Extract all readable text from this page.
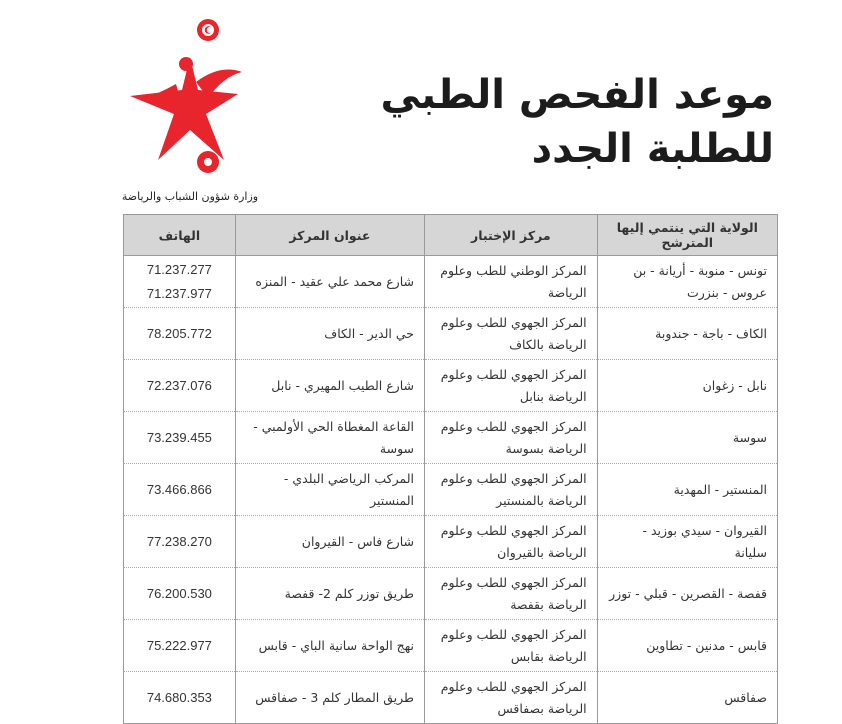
وزارة شؤون الشباب والرياضة
موعد الفحص الطبي
للطلبة الجدد
الولاية التي ينتمي إليها المترشح	مركز الإختبار	عنوان المركز	الهاتف
تونس - منوبة - أريانة - بن عروس - بنزرت	المركز الوطني للطب وعلوم الرياضة	شارع محمد علي عقيد - المنزه	71.237.277
71.237.977

الكاف - باجة - جندوبة	المركز الجهوي للطب وعلوم الرياضة بالكاف	حي الدير - الكاف	78.205.772

نابل - زغوان	المركز الجهوي للطب وعلوم الرياضة بنابل	شارع الطيب المهيري - نابل	72.237.076

سوسة	المركز الجهوي للطب وعلوم الرياضة بسوسة	القاعة المغطاة الحي الأولمبي - سوسة	73.239.455

المنستير - المهدية	المركز الجهوي للطب وعلوم الرياضة بالمنستير	المركب الرياضي البلدي - المنستير	73.466.866

القيروان - سيدي بوزيد - سليانة	المركز الجهوي للطب وعلوم الرياضة بالقيروان	شارع فاس - القيروان	77.238.270

قفصة - القصرين - قبلي - توزر	المركز الجهوي للطب وعلوم الرياضة بقفصة	طريق توزر كلم 2- قفصة	76.200.530

قابس - مدنين - تطاوين	المركز الجهوي للطب وعلوم الرياضة بقابس	نهج الواحة سانية الباي - قابس	75.222.977

صفاقس	المركز الجهوي للطب وعلوم الرياضة بصفاقس	طريق المطار كلم 3 - صفاقس	74.680.353
